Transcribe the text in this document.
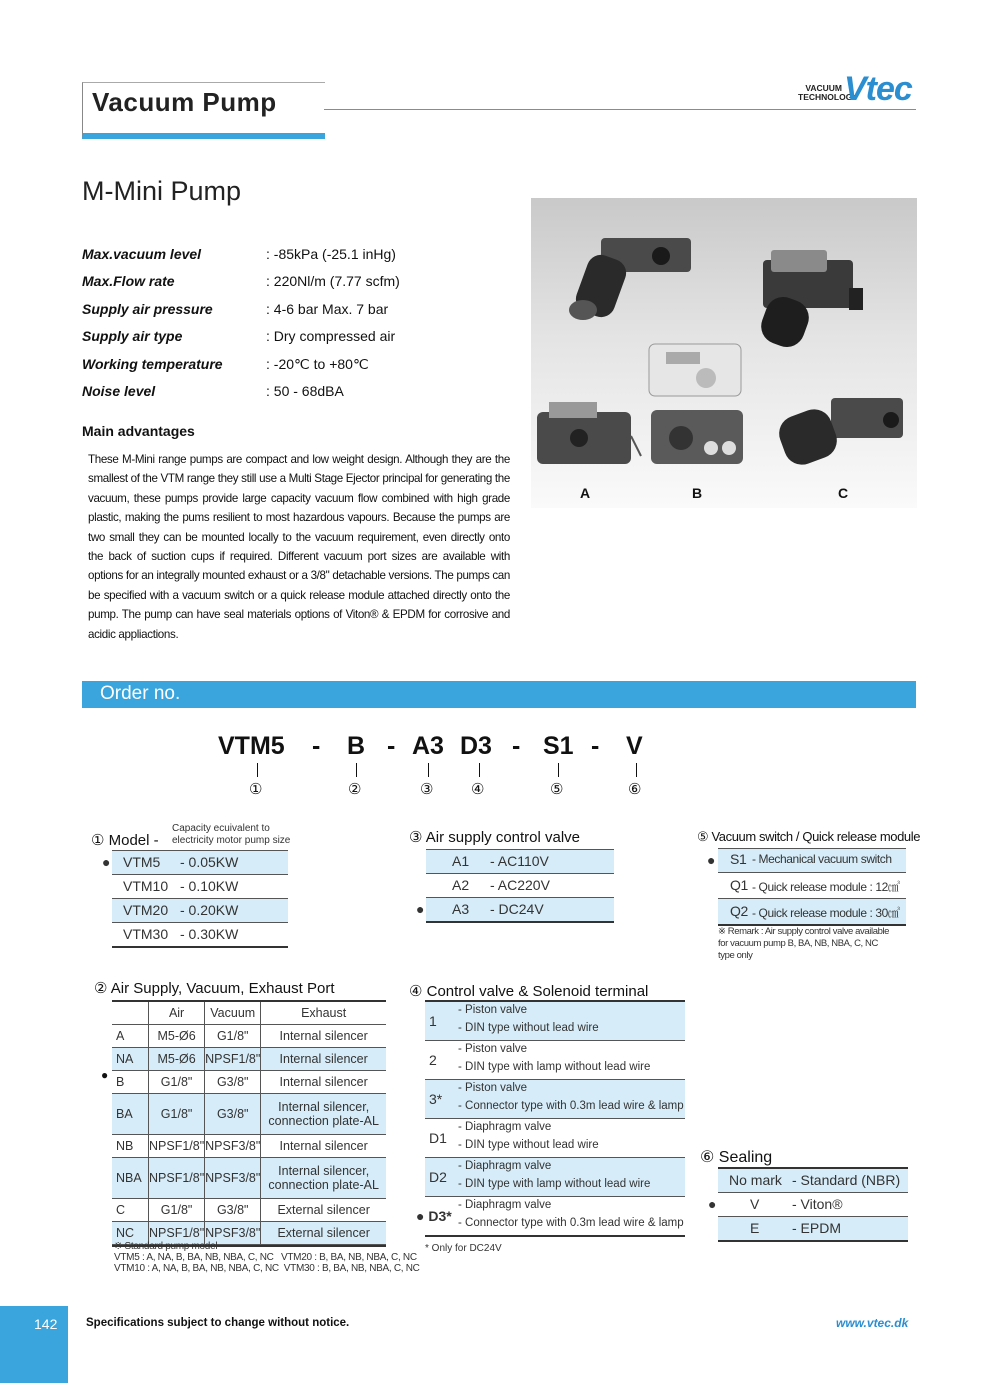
Vacuum Pump	VACUUM TECHNOLOGY
Vtec
M-Mini Pump
Max.vacuum level	: -85kPa (-25.1 inHg)
Max.Flow rate	: 220Nl/m (7.77 scfm)
Supply air pressure	: 4-6 bar Max. 7 bar
Supply air type	: Dry compressed air
Working temperature	: -20℃ to +80℃
Noise level	: 50 - 68dBA
Main advantages
These M-Mini range pumps are compact and low weight design. Although they are the smallest of the VTM range they still use a Multi Stage Ejector principal for generating the vacuum, these pumps provide large capacity vacuum flow combined with high grade plastic, making the pums resilient to most hazardous vapours. Because the pumps are two small they can be mounted locally to the vacuum requirement, even directly onto the back of suction cups if required. Different vacuum port sizes are available with options for an integrally mounted exhaust or a 3/8" detachable versions. The pumps can be specified with a vacuum switch or a quick release module attached directly onto the pump. The pump can have seal materials options of Viton® & EPDM for corrosive and acidic appliactions.
A	B	C
Order no.
VTM5 - B - A3 D3 - S1 - V
①	②	③	④	⑤	⑥
① Model -
Capacity ecuivalent to
electricity motor pump size
● VTM5 - 0.05KW
VTM10 - 0.10KW
VTM20 - 0.20KW
VTM30 - 0.30KW
③ Air supply control valve
A1 - AC110V
A2 - AC220V
● A3 - DC24V
⑤ Vacuum switch / Quick release module
● S1 - Mechanical vacuum switch
Q1 - Quick release module : 12㎤
Q2 - Quick release module : 30㎤
※ Remark : Air supply control valve available
for vacuum pump B, BA, NB, NBA, C, NC
type only
② Air Supply, Vacuum, Exhaust Port
	Air	Vacuum	Exhaust
A	M5-Ø6	G1/8"	Internal silencer
NA	M5-Ø6	NPSF1/8"	Internal silencer
B	G1/8"	G3/8"	Internal silencer
BA	G1/8"	G3/8"	Internal silencer,
connection plate-AL

NB	NPSF1/8"	NPSF3/8"	Internal silencer
NBA	NPSF1/8"	NPSF3/8"	Internal silencer,
connection plate-AL

C	G1/8"	G3/8"	External silencer
NC	NPSF1/8"	NPSF3/8"	External silencer
●
※ Standard pump model
VTM5 : A, NA, B, BA, NB, NBA, C, NC VTM20 : B, BA, NB, NBA, C, NC
VTM10 : A, NA, B, BA, NB, NBA, C, NC VTM30 : B, BA, NB, NBA, C, NC
④ Control valve & Solenoid terminal
1
- Piston valve
- DIN type without lead wire
2
- Piston valve
- DIN type with lamp without lead wire
3*
- Piston valve
- Connector type with 0.3m lead wire & lamp
D1
- Diaphragm valve
- DIN type without lead wire
D2
- Diaphragm valve
- DIN type with lamp without lead wire
● D3*
- Diaphragm valve
- Connector type with 0.3m lead wire & lamp
* Only for DC24V
⑥ Sealing
No mark - Standard (NBR)
● V - Viton®
E - EPDM
142 Specifications subject to change without notice.	www.vtec.dk
